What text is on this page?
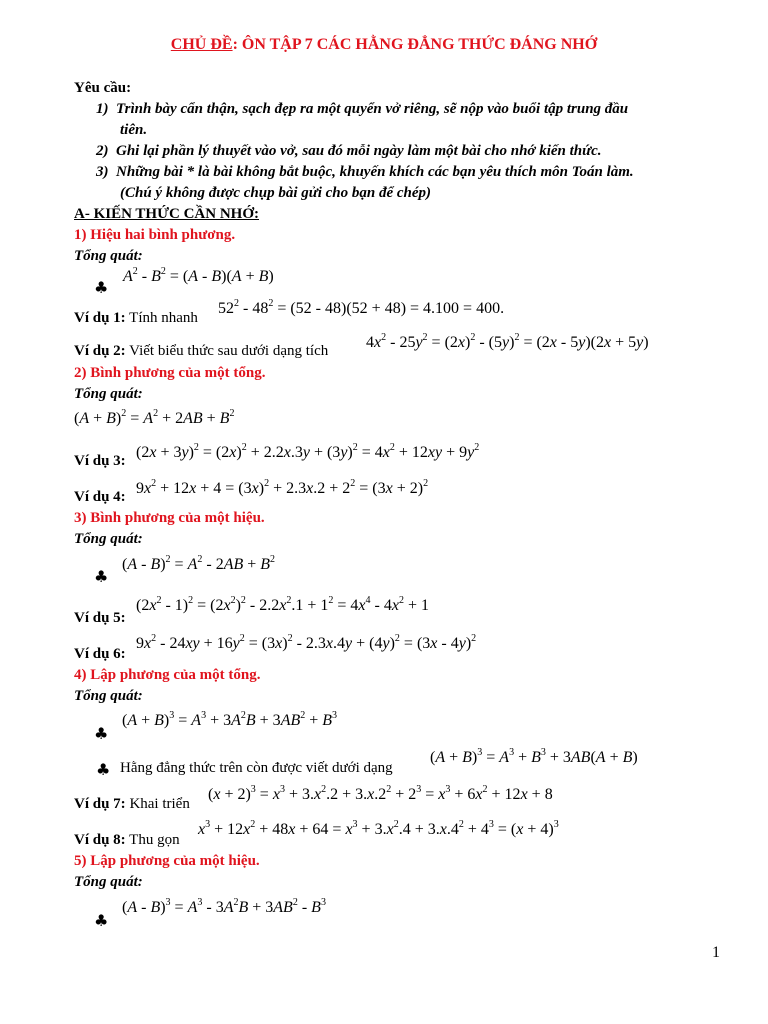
CHỦ ĐỀ: ÔN TẬP 7 CÁC HẰNG ĐẲNG THỨC ĐÁNG NHỚ
Yêu cầu:
1) Trình bày cẩn thận, sạch đẹp ra một quyển vở riêng, sẽ nộp vào buổi tập trung đầu
tiên.
2) Ghi lại phần lý thuyết vào vở, sau đó mỗi ngày làm một bài cho nhớ kiến thức.
3) Những bài * là bài không bắt buộc, khuyến khích các bạn yêu thích môn Toán làm.
(Chú ý không được chụp bài gửi cho bạn để chép)
A- KIẾN THỨC CẦN NHỚ:
1) Hiệu hai bình phương.
Tổng quát:
♣
$A^2 - B^2 = (A - B)(A + B)$
Ví dụ 1: Tính nhanh
$52^2 - 48^2 = (52 - 48)(52 + 48) = 4.100 = 400$.
Ví dụ 2: Viết biểu thức sau dưới dạng tích $4x^2 - 25y^2 = (2x)^2 - (5y)^2 = (2x - 5y)(2x + 5y)$
2) Bình phương của một tổng.
Tổng quát:
$(A + B)^2 = A^2 + 2AB + B^2$
Ví dụ 3: $(2x + 3y)^2 = (2x)^2 + 2.2x.3y + (3y)^2 = 4x^2 + 12xy + 9y^2$
Ví dụ 4: $9x^2 + 12x + 4 = (3x)^2 + 2.3x.2 + 2^2 = (3x + 2)^2$
3) Bình phương của một hiệu.
Tổng quát:
♣
$(A - B)^2 = A^2 - 2AB + B^2$
Ví dụ 5:
$(2x^2 - 1)^2 = (2x^2)^2 - 2.2x^2.1 + 1^2 = 4x^4 - 4x^2 + 1$
Ví dụ 6:
$9x^2 - 24xy + 16y^2 = (3x)^2 - 2.3x.4y + (4y)^2 = (3x - 4y)^2$
4) Lập phương của một tổng.
Tổng quát:
♣
$(A + B)^3 = A^3 + 3A^2B + 3AB^2 + B^3$
♣ Hằng đẳng thức trên còn được viết dưới dạng
$(A + B)^3 = A^3 + B^3 + 3AB(A + B)$
Ví dụ 7: Khai triển
$(x + 2)^3 = x^3 + 3.x^2.2 + 3.x.2^2 + 2^3 = x^3 + 6x^2 + 12x + 8$
Ví dụ 8: Thu gọn
$x^3 + 12x^2 + 48x + 64 = x^3 + 3.x^2.4 + 3.x.4^2 + 4^3 = (x + 4)^3$
5) Lập phương của một hiệu.
Tổng quát:
♣
$(A - B)^3 = A^3 - 3A^2B + 3AB^2 - B^3$
1
